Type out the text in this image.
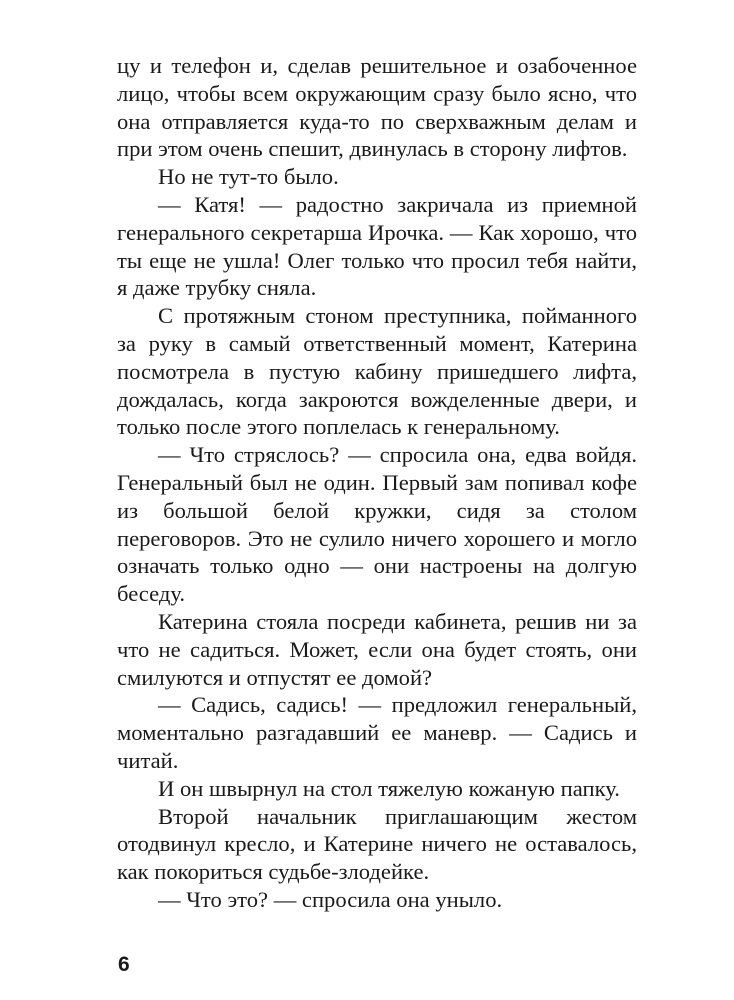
цу и телефон и, сделав решительное и озабоченное лицо, чтобы всем окружающим сразу было ясно, что она отправляется куда-то по сверхважным делам и при этом очень спешит, двинулась в сторону лифтов.

Но не тут-то было.

— Катя! — радостно закричала из приемной генерального секретарша Ирочка. — Как хорошо, что ты еще не ушла! Олег только что просил тебя найти, я даже трубку сняла.

С протяжным стоном преступника, пойманного за руку в самый ответственный момент, Катерина посмотрела в пустую кабину пришедшего лифта, дождалась, когда закроются вожделенные двери, и только после этого поплелась к генеральному.

— Что стряслось? — спросила она, едва войдя. Генеральный был не один. Первый зам попивал кофе из большой белой кружки, сидя за столом переговоров. Это не сулило ничего хорошего и могло означать только одно — они настроены на долгую беседу.

Катерина стояла посреди кабинета, решив ни за что не садиться. Может, если она будет стоять, они смилуются и отпустят ее домой?

— Садись, садись! — предложил генеральный, моментально разгадавший ее маневр. — Садись и читай.

И он швырнул на стол тяжелую кожаную папку.

Второй начальник приглашающим жестом отодвинул кресло, и Катерине ничего не оставалось, как покориться судьбе-злодейке.

— Что это? — спросила она уныло.

6
